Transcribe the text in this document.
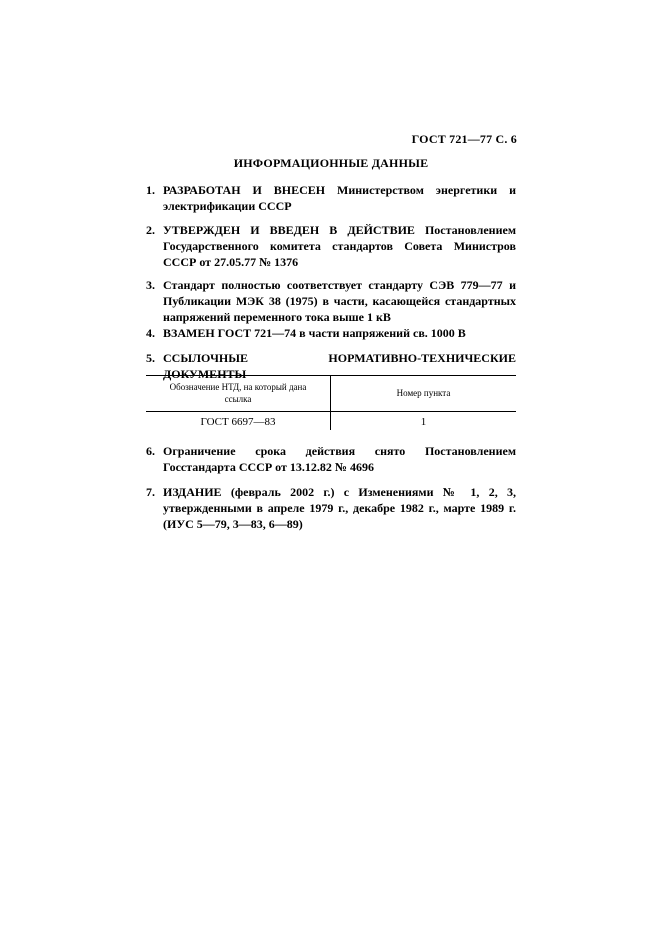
ГОСТ 721—77 С. 6
ИНФОРМАЦИОННЫЕ ДАННЫЕ
1. РАЗРАБОТАН И ВНЕСЕН Министерством энергетики и электрификации СССР
2. УТВЕРЖДЕН И ВВЕДЕН В ДЕЙСТВИЕ Постановлением Государственного комитета стандартов Совета Министров СССР от 27.05.77 № 1376
3. Стандарт полностью соответствует стандарту СЭВ 779—77 и Публикации МЭК 38 (1975) в части, касающейся стандартных напряжений переменного тока выше 1 кВ
4. ВЗАМЕН ГОСТ 721—74 в части напряжений св. 1000 В
5. ССЫЛОЧНЫЕ НОРМАТИВНО-ТЕХНИЧЕСКИЕ ДОКУМЕНТЫ
Обозначение НТД, на который дана ссылка
Номер пункта
ГОСТ 6697—83	1
6. Ограничение срока действия снято Постановлением Госстандарта СССР от 13.12.82 № 4696
7. ИЗДАНИЕ (февраль 2002 г.) с Изменениями № 1, 2, 3, утвержденными в апреле 1979 г., декабре 1982 г., марте 1989 г. (ИУС 5—79, 3—83, 6—89)
